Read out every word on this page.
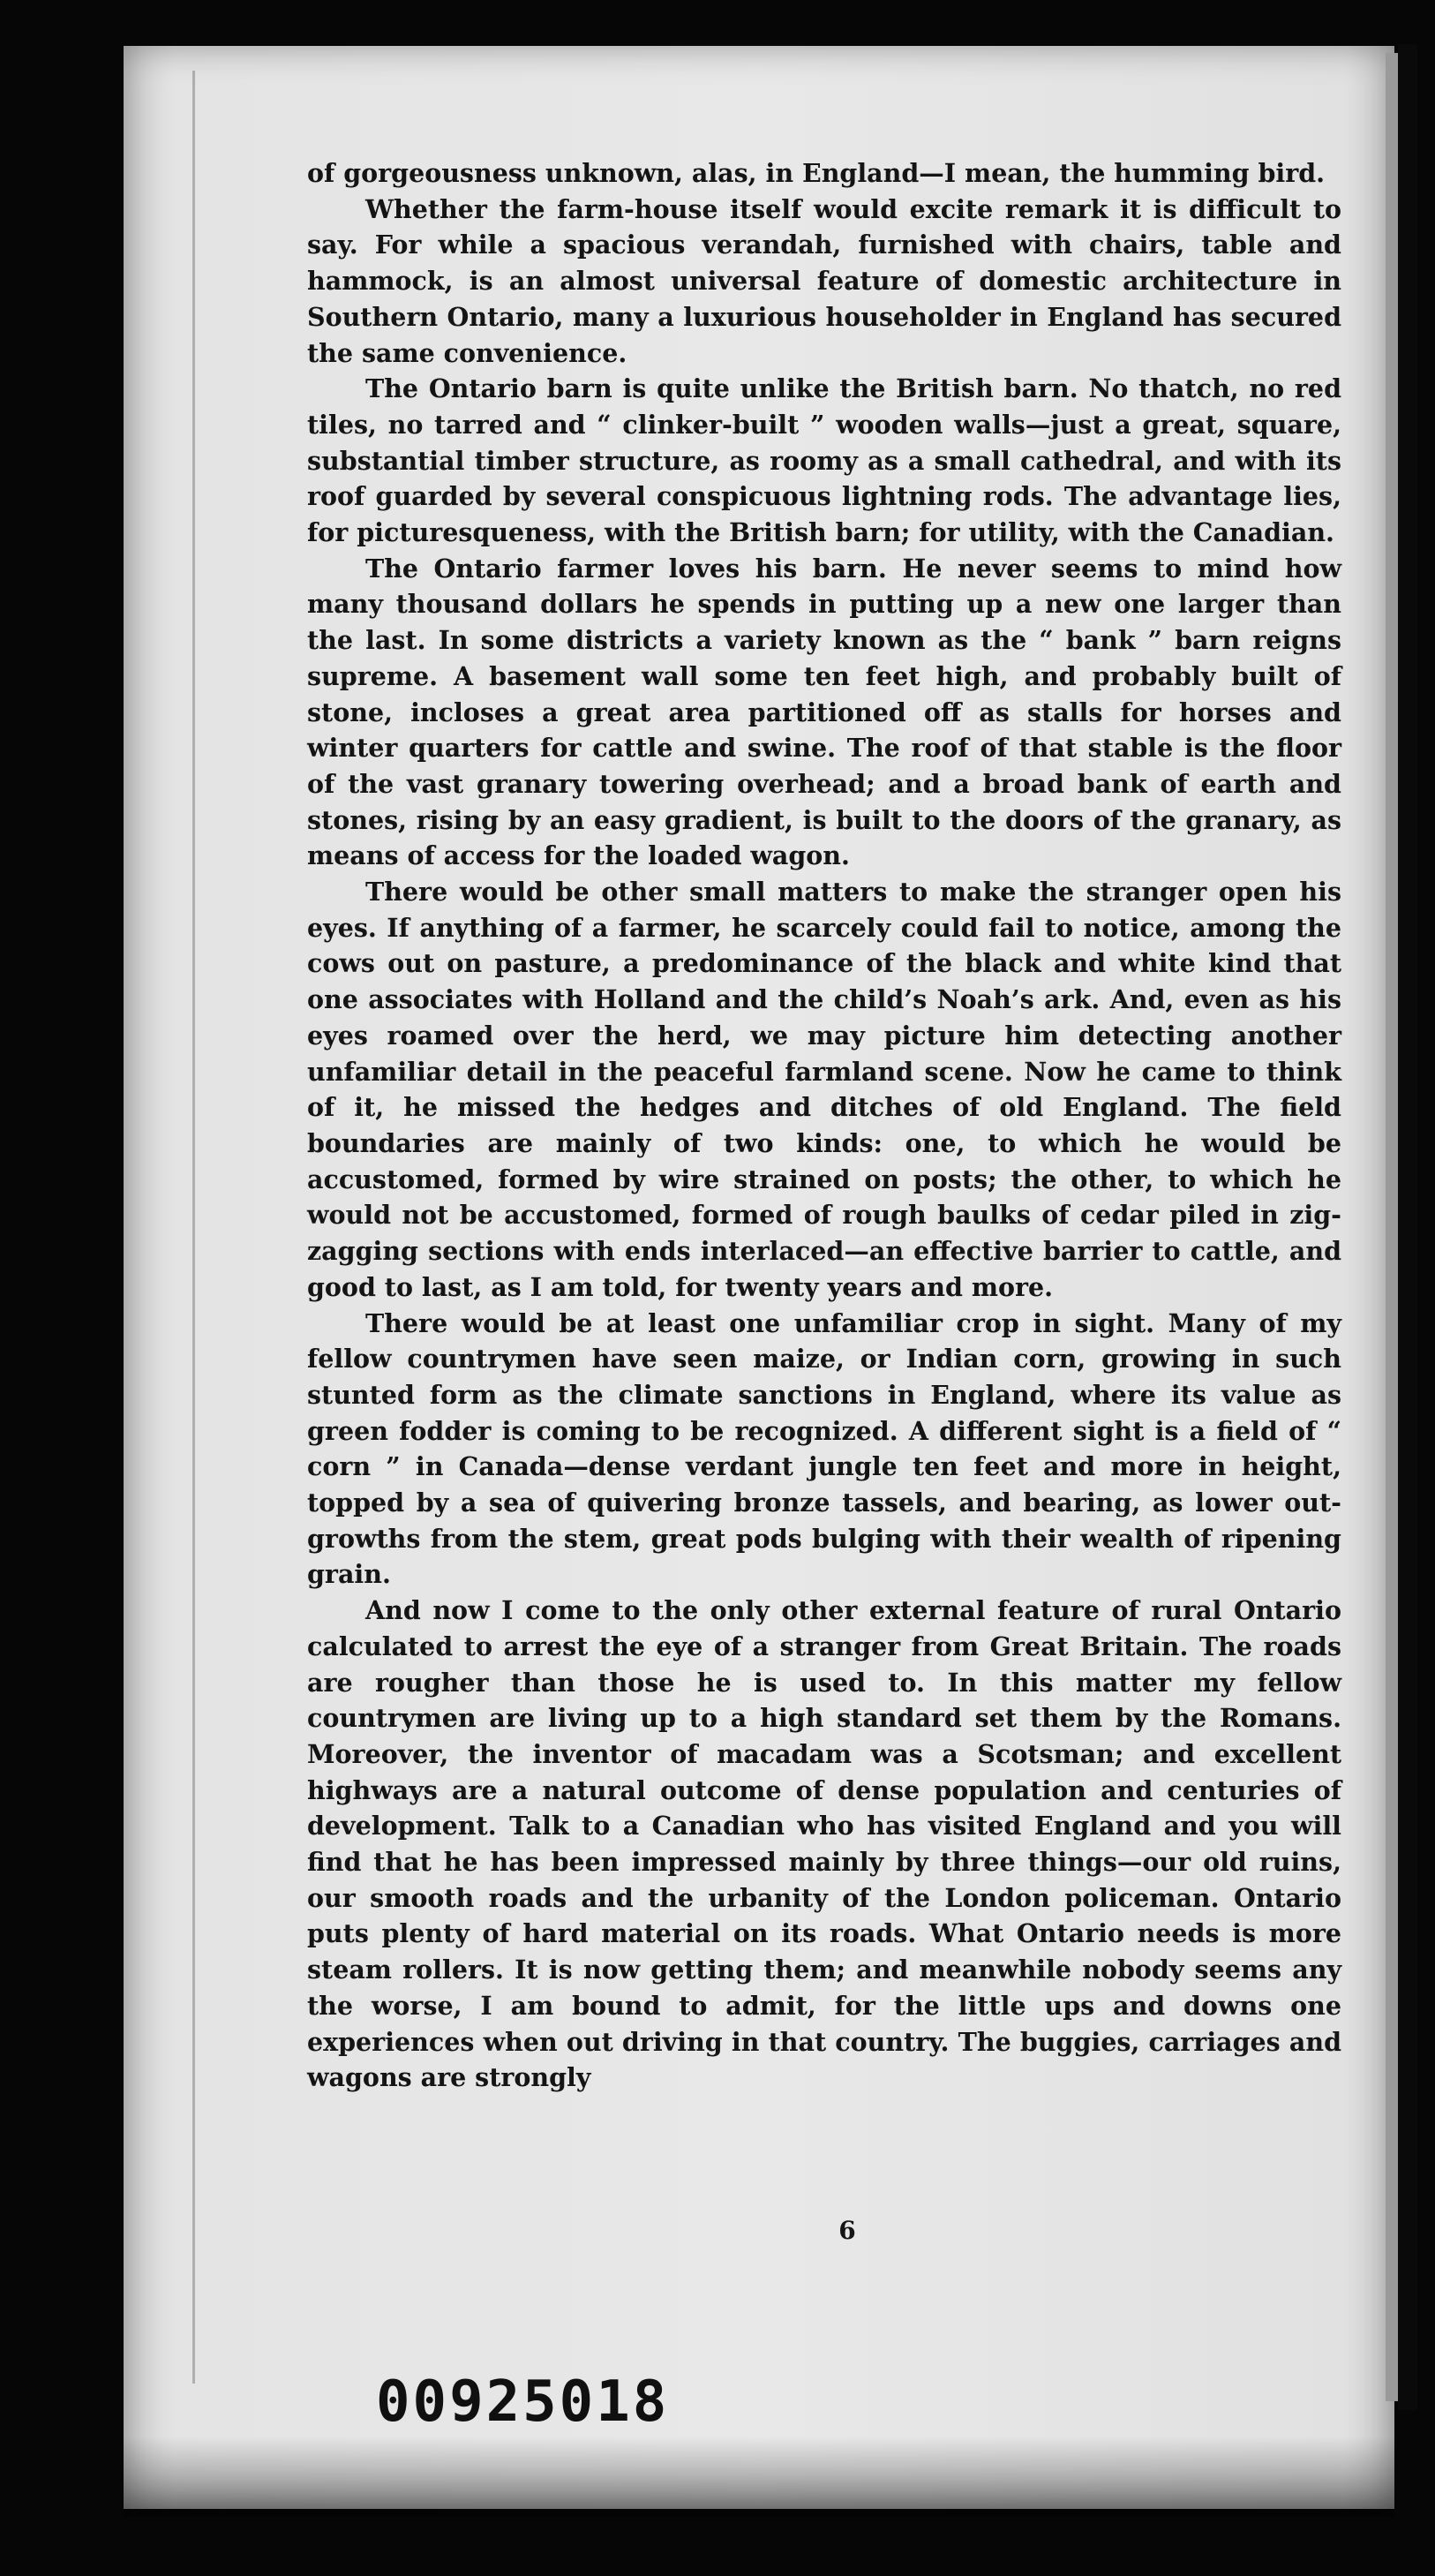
of gorgeousness unknown, alas, in England—I mean, the humming bird.

Whether the farm-house itself would excite remark it is difficult to say. For while a spacious verandah, furnished with chairs, table and hammock, is an almost universal feature of domestic architecture in Southern Ontario, many a luxurious householder in England has secured the same convenience.

The Ontario barn is quite unlike the British barn. No thatch, no red tiles, no tarred and “ clinker-built ” wooden walls—just a great, square, substantial timber structure, as roomy as a small cathedral, and with its roof guarded by several conspicuous lightning rods. The advantage lies, for picturesqueness, with the British barn; for utility, with the Canadian.

The Ontario farmer loves his barn. He never seems to mind how many thousand dollars he spends in putting up a new one larger than the last. In some districts a variety known as the “ bank ” barn reigns supreme. A basement wall some ten feet high, and probably built of stone, incloses a great area partitioned off as stalls for horses and winter quarters for cattle and swine. The roof of that stable is the floor of the vast granary towering overhead; and a broad bank of earth and stones, rising by an easy gradient, is built to the doors of the granary, as means of access for the loaded wagon.

There would be other small matters to make the stranger open his eyes. If anything of a farmer, he scarcely could fail to notice, among the cows out on pasture, a predominance of the black and white kind that one associates with Holland and the child’s Noah’s ark. And, even as his eyes roamed over the herd, we may picture him detecting another unfamiliar detail in the peaceful farmland scene. Now he came to think of it, he missed the hedges and ditches of old England. The field boundaries are mainly of two kinds: one, to which he would be accustomed, formed by wire strained on posts; the other, to which he would not be accustomed, formed of rough baulks of cedar piled in zig-zagging sections with ends interlaced—an effective barrier to cattle, and good to last, as I am told, for twenty years and more.

There would be at least one unfamiliar crop in sight. Many of my fellow countrymen have seen maize, or Indian corn, growing in such stunted form as the climate sanctions in England, where its value as green fodder is coming to be recognized. A different sight is a field of “ corn ” in Canada—dense verdant jungle ten feet and more in height, topped by a sea of quivering bronze tassels, and bearing, as lower out-growths from the stem, great pods bulging with their wealth of ripening grain.

And now I come to the only other external feature of rural Ontario calculated to arrest the eye of a stranger from Great Britain. The roads are rougher than those he is used to. In this matter my fellow countrymen are living up to a high standard set them by the Romans. Moreover, the inventor of macadam was a Scotsman; and excellent highways are a natural outcome of dense population and centuries of development. Talk to a Canadian who has visited England and you will find that he has been impressed mainly by three things—our old ruins, our smooth roads and the urbanity of the London policeman. Ontario puts plenty of hard material on its roads. What Ontario needs is more steam rollers. It is now getting them; and meanwhile nobody seems any the worse, I am bound to admit, for the little ups and downs one experiences when out driving in that country. The buggies, carriages and wagons are strongly

6
00925018
